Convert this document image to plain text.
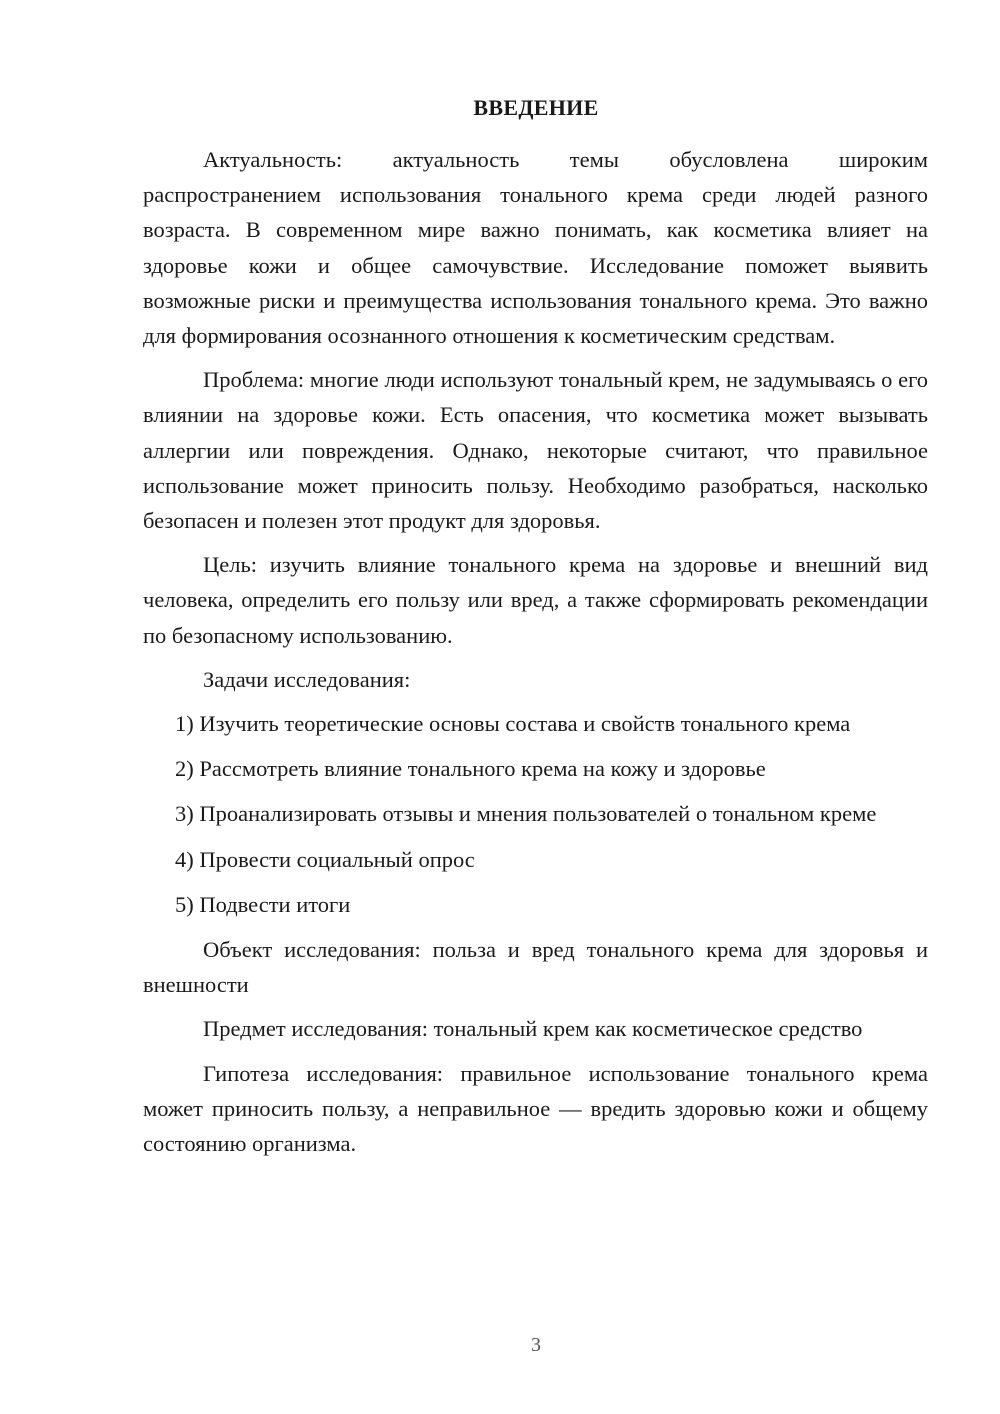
ВВЕДЕНИЕ

Актуальность: актуальность темы обусловлена широким распространением использования тонального крема среди людей разного возраста. В современном мире важно понимать, как косметика влияет на здоровье кожи и общее самочувствие. Исследование поможет выявить возможные риски и преимущества использования тонального крема. Это важно для формирования осознанного отношения к косметическим средствам.

Проблема: многие люди используют тональный крем, не задумываясь о его влиянии на здоровье кожи. Есть опасения, что косметика может вызывать аллергии или повреждения. Однако, некоторые считают, что правильное использование может приносить пользу. Необходимо разобраться, насколько безопасен и полезен этот продукт для здоровья.

Цель: изучить влияние тонального крема на здоровье и внешний вид человека, определить его пользу или вред, а также сформировать рекомендации по безопасному использованию.

Задачи исследования:

1) Изучить теоретические основы состава и свойств тонального крема

2) Рассмотреть влияние тонального крема на кожу и здоровье

3) Проанализировать отзывы и мнения пользователей о тональном креме

4) Провести социальный опрос

5) Подвести итоги

Объект исследования: польза и вред тонального крема для здоровья и внешности

Предмет исследования: тональный крем как косметическое средство

Гипотеза исследования: правильное использование тонального крема может приносить пользу, а неправильное — вредить здоровью кожи и общему состоянию организма.

3
